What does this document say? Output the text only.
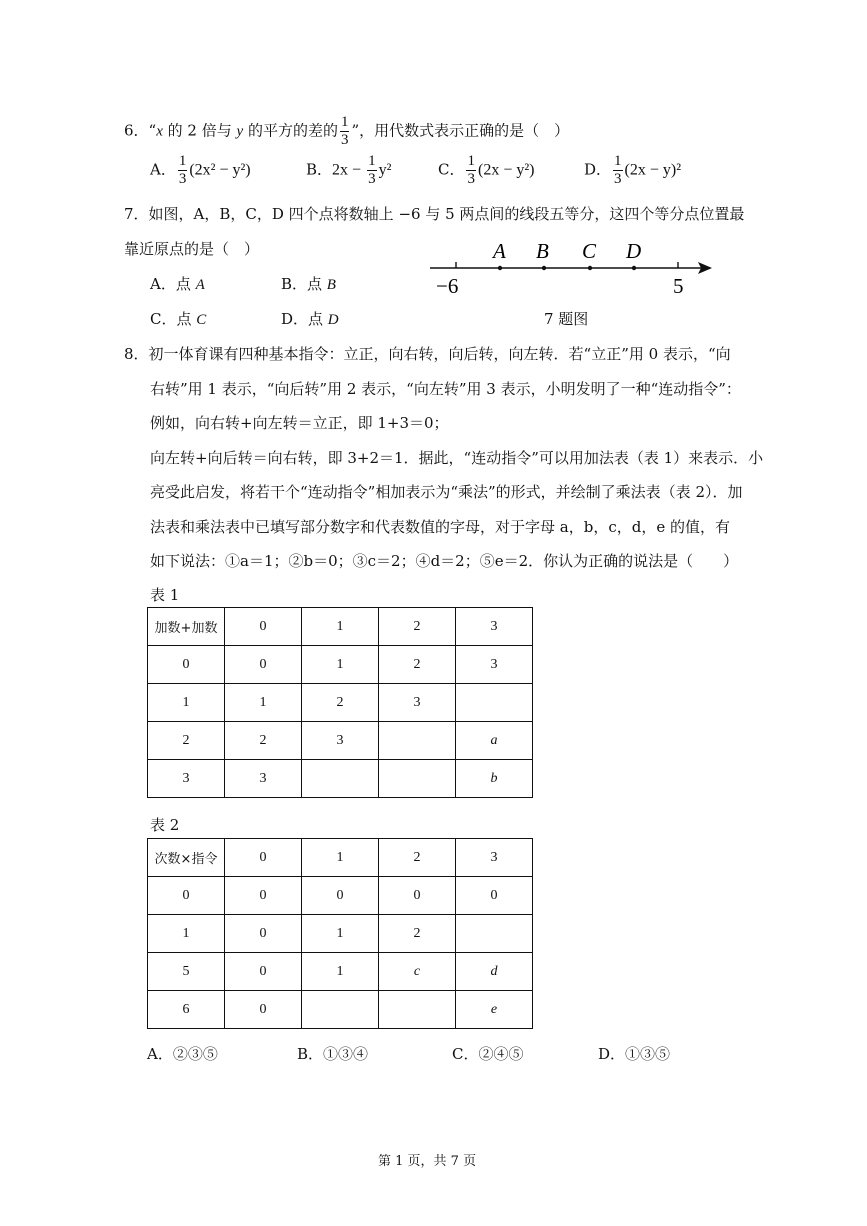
6．“x 的 2 倍与 y 的平方的差的 $\frac{1}{3}$ ”，用代数式表示正确的是（　）
A． $\frac{1}{3} (2x^2 - y^2)$	B．$2x - \frac{1}{3} y^2$	C． $\frac{1}{3} (2x - y^2)$	D． $\frac{1}{3} (2x - y)^2$
7．如图，A，B，C，D 四个点将数轴上 −6 与 5 两点间的线段五等分，这四个等分点位置最
靠近原点的是（　）
A．点 A	B．点 B
C．点 C	D．点 D
A B C D
−6	5
7 题图
8．初一体育课有四种基本指令：立正，向右转，向后转，向左转．若“立正”用 0 表示，“向
右转”用 1 表示，“向后转”用 2 表示，“向左转”用 3 表示，小明发明了一种“连动指令”：
例如，向右转+向左转＝立正，即 1+3＝0；
向左转+向后转＝向右转，即 3+2＝1．据此，“连动指令”可以用加法表（表 1）来表示．小
亮受此启发，将若干个“连动指令”相加表示为“乘法”的形式，并绘制了乘法表（表 2）．加
法表和乘法表中已填写部分数字和代表数值的字母，对于字母 a，b，c，d，e 的值，有
如下说法：①a＝1；②b＝0；③c＝2；④d＝2；⑤e＝2．你认为正确的说法是（　　）
表 1
加数+加数	0	1	2	3
0	0	1	2	3
1	1	2	3	
2	2	3		a
3	3			b
表 2
次数×指令	0	1	2	3
0	0	0	0	0
1	0	1	2	
5	0	1	c	d
6	0			e
A．②③⑤	B．①③④	C．②④⑤	D．①③⑤
第 1 页，共 7 页
